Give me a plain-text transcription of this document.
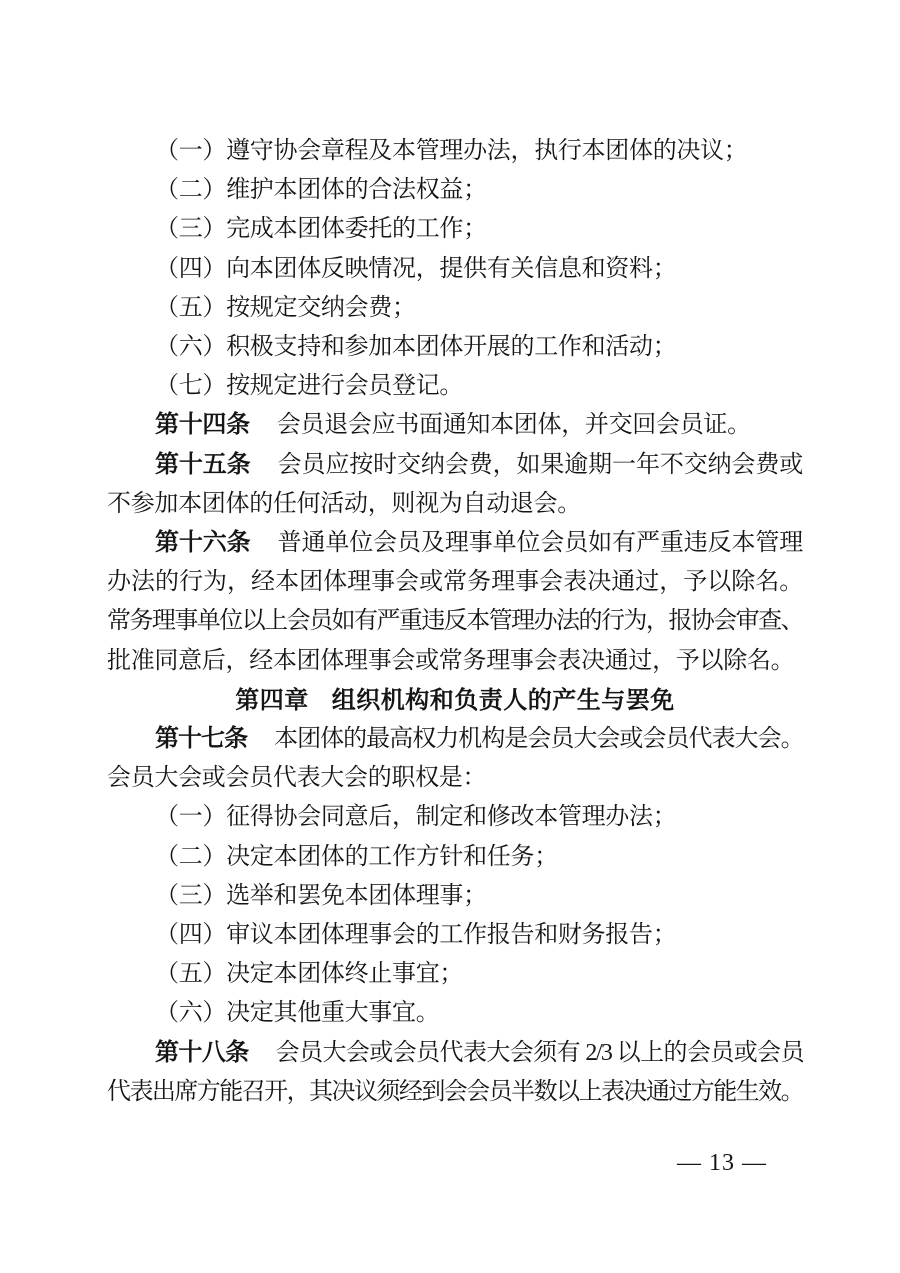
（一）遵守协会章程及本管理办法，执行本团体的决议；
（二）维护本团体的合法权益；
（三）完成本团体委托的工作；
（四）向本团体反映情况，提供有关信息和资料；
（五）按规定交纳会费；
（六）积极支持和参加本团体开展的工作和活动；
（七）按规定进行会员登记。
第十四条 会员退会应书面通知本团体，并交回会员证。
第十五条 会员应按时交纳会费，如果逾期一年不交纳会费或
不参加本团体的任何活动，则视为自动退会。
第十六条 普通单位会员及理事单位会员如有严重违反本管理
办法的行为，经本团体理事会或常务理事会表决通过，予以除名。
常务理事单位以上会员如有严重违反本管理办法的行为，报协会审查、
批准同意后，经本团体理事会或常务理事会表决通过，予以除名。
第四章 组织机构和负责人的产生与罢免
第十七条 本团体的最高权力机构是会员大会或会员代表大会。
会员大会或会员代表大会的职权是：
（一）征得协会同意后，制定和修改本管理办法；
（二）决定本团体的工作方针和任务；
（三）选举和罢免本团体理事；
（四）审议本团体理事会的工作报告和财务报告；
（五）决定本团体终止事宜；
（六）决定其他重大事宜。
第十八条 会员大会或会员代表大会须有 2/3 以上的会员或会员
代表出席方能召开，其决议须经到会会员半数以上表决通过方能生效。
— 13 —
